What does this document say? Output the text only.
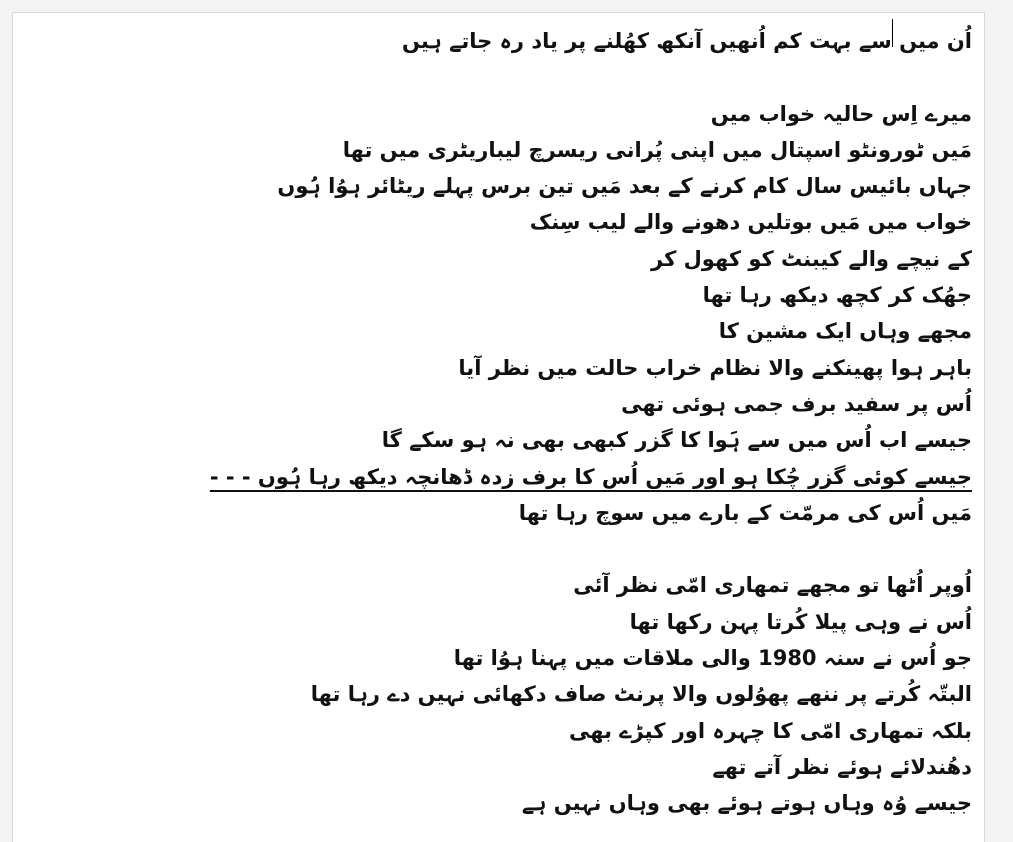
اُن میں سے بہت کم اُنھیں آنکھ کھُلنے پر یاد رہ جاتے ہیں
میرے اِس حالیہ خواب میں
مَیں ٹورونٹو اسپتال میں اپنی پُرانی ریسرچ لیباریٹری میں تھا
جہاں بائیس سال کام کرنے کے بعد مَیں تین برس پہلے ریٹائر ہوُا ہُوں
خواب میں مَیں بوتلیں دھونے والے لیب سِنک
کے نیچے والے کیبنٹ کو کھول کر
جھُک کر کچھ دیکھ رہا تھا
مجھے وہاں ایک مشین کا
باہر ہوا پھینکنے والا نظام خراب حالت میں نظر آیا
اُس پر سفید برف جمی ہوئی تھی
جیسے اب اُس میں سے ہَوا کا گزر کبھی بھی نہ ہو سکے گا
جیسے کوئی گزر چُکا ہو اور مَیں اُس کا برف زدہ ڈھانچہ دیکھ رہا ہُوں - - -
مَیں اُس کی مرمّت کے بارے میں سوچ رہا تھا
اُوپر اُٹھا تو مجھے تمھاری امّی نظر آئی
اُس نے وہی پیلا کُرتا پہن رکھا تھا
جو اُس نے سنہ 1980 والی ملاقات میں پہنا ہوُا تھا
البتّہ کُرتے پر ننھے پھوُلوں والا پرنٹ صاف دکھائی نہیں دے رہا تھا
بلکہ تمھاری امّی کا چہرہ اور کپڑے بھی
دھُندلائے ہوئے نظر آتے تھے
جیسے وُہ وہاں ہوتے ہوئے بھی وہاں نہیں ہے
